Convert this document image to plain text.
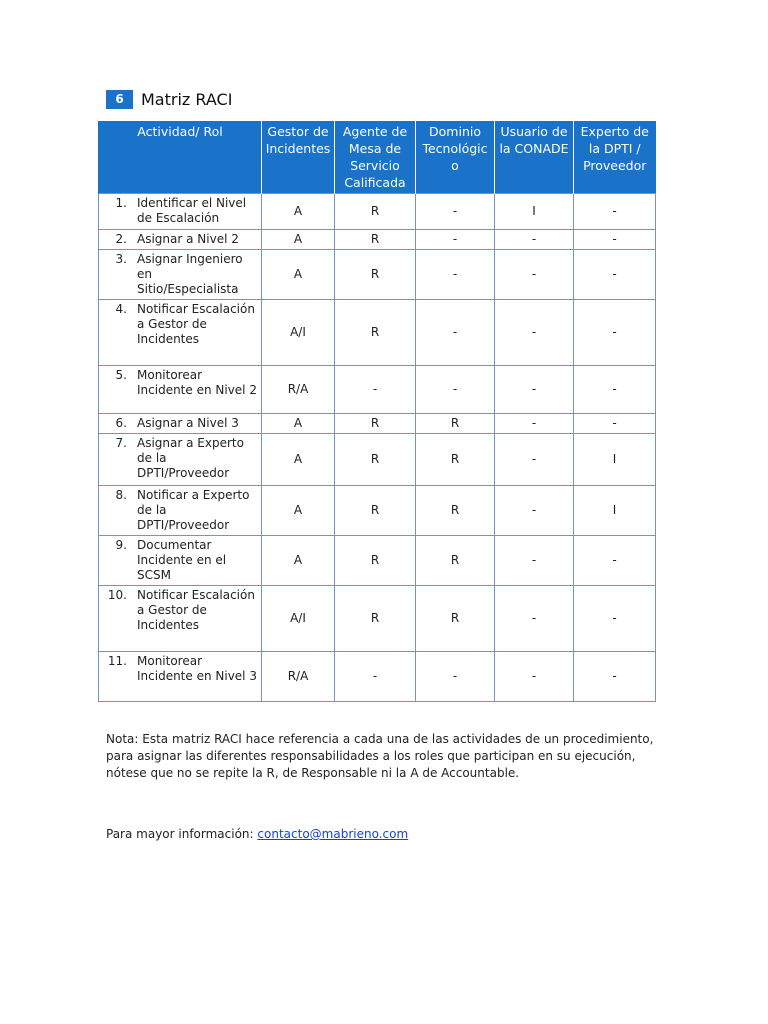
6	Matriz RACI
Actividad/ Rol	Gestor de Incidentes	Agente de Mesa de Servicio Calificada	Dominio Tecnológic o	Usuario de la CONADE	Experto de la DPTI / Proveedor

1. Identificar el Nivel de Escalación	A	R	-	I	-

2. Asignar a Nivel 2	A	R	-	-	-

3. Asignar Ingeniero en Sitio/Especialista	A	R	-	-	-

4. Notificar Escalación a Gestor de Incidentes	A/I	R	-	-	-

5. Monitorear Incidente en Nivel 2	R/A	-	-	-	-

6. Asignar a Nivel 3	A	R	R	-	-

7. Asignar a Experto de la DPTI/Proveedor	A	R	R	-	I

8. Notificar a Experto de la DPTI/Proveedor	A	R	R	-	I

9. Documentar Incidente en el SCSM	A	R	R	-	-

10. Notificar Escalación a Gestor de Incidentes	A/I	R	R	-	-

11. Monitorear Incidente en Nivel 3	R/A	-	-	-	-
Nota: Esta matriz RACI hace referencia a cada una de las actividades de un procedimiento, para asignar las diferentes responsabilidades a los roles que participan en su ejecución, nótese que no se repite la R, de Responsable ni la A de Accountable.
Para mayor información: contacto@mabrieno.com
